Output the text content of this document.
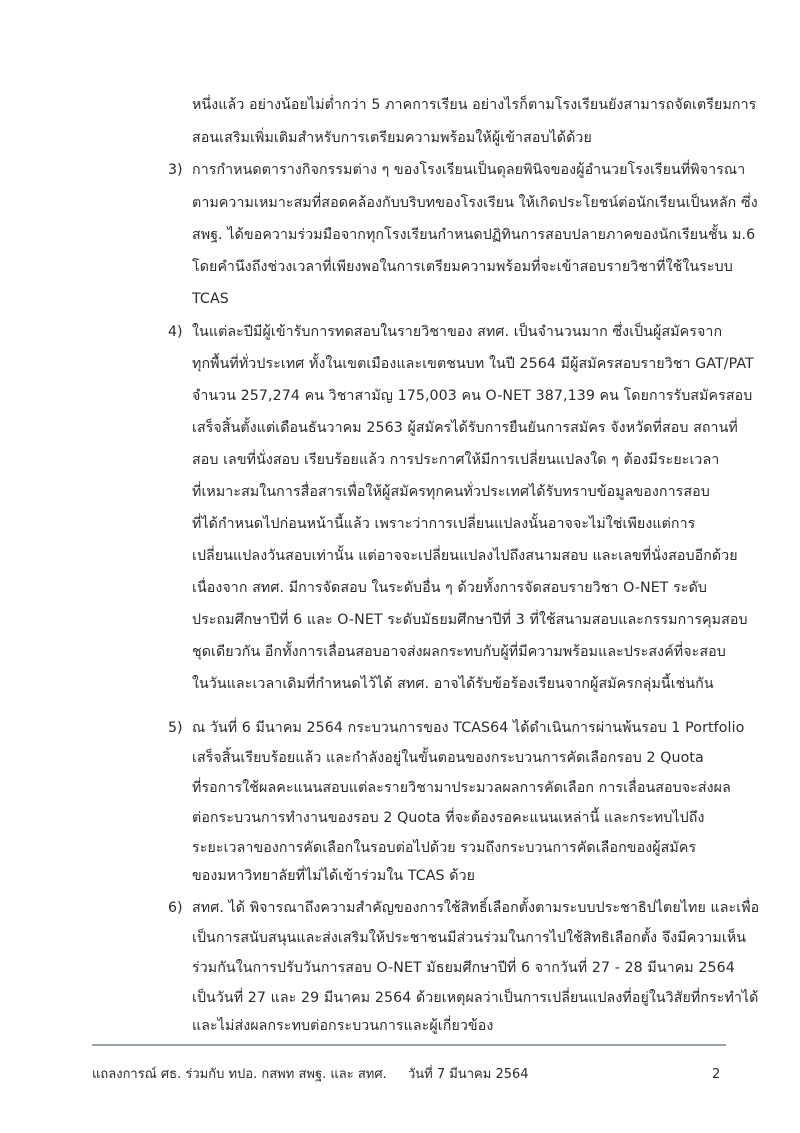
หนึ่งแล้ว อย่างน้อยไม่ต่ำกว่า 5 ภาคการเรียน อย่างไรก็ตามโรงเรียนยังสามารถจัดเตรียมการ
สอนเสริมเพิ่มเติมสำหรับการเตรียมความพร้อมให้ผู้เข้าสอบได้ด้วย
3) การกำหนดตารางกิจกรรมต่าง ๆ ของโรงเรียนเป็นดุลยพินิจของผู้อำนวยโรงเรียนที่พิจารณา
ตามความเหมาะสมที่สอดคล้องกับบริบทของโรงเรียน ให้เกิดประโยชน์ต่อนักเรียนเป็นหลัก ซึ่ง
สพฐ. ได้ขอความร่วมมือจากทุกโรงเรียนกำหนดปฏิทินการสอบปลายภาคของนักเรียนชั้น ม.6
โดยคำนึงถึงช่วงเวลาที่เพียงพอในการเตรียมความพร้อมที่จะเข้าสอบรายวิชาที่ใช้ในระบบ
TCAS
4) ในแต่ละปีมีผู้เข้ารับการทดสอบในรายวิชาของ สทศ. เป็นจำนวนมาก ซึ่งเป็นผู้สมัครจาก
ทุกพื้นที่ทั่วประเทศ ทั้งในเขตเมืองและเขตชนบท ในปี 2564 มีผู้สมัครสอบรายวิชา GAT/PAT
จำนวน 257,274 คน วิชาสามัญ 175,003 คน O-NET 387,139 คน โดยการรับสมัครสอบ
เสร็จสิ้นตั้งแต่เดือนธันวาคม 2563 ผู้สมัครได้รับการยืนยันการสมัคร จังหวัดที่สอบ สถานที่
สอบ เลขที่นั่งสอบ เรียบร้อยแล้ว การประกาศให้มีการเปลี่ยนแปลงใด ๆ ต้องมีระยะเวลา
ที่เหมาะสมในการสื่อสารเพื่อให้ผู้สมัครทุกคนทั่วประเทศได้รับทราบข้อมูลของการสอบ
ที่ได้กำหนดไปก่อนหน้านี้แล้ว เพราะว่าการเปลี่ยนแปลงนั้นอาจจะไม่ใช่เพียงแต่การ
เปลี่ยนแปลงวันสอบเท่านั้น แต่อาจจะเปลี่ยนแปลงไปถึงสนามสอบ และเลขที่นั่งสอบอีกด้วย
เนื่องจาก สทศ. มีการจัดสอบ ในระดับอื่น ๆ ด้วยทั้งการจัดสอบรายวิชา O-NET ระดับ
ประถมศึกษาปีที่ 6 และ O-NET ระดับมัธยมศึกษาปีที่ 3 ที่ใช้สนามสอบและกรรมการคุมสอบ
ชุดเดียวกัน อีกทั้งการเลื่อนสอบอาจส่งผลกระทบกับผู้ที่มีความพร้อมและประสงค์ที่จะสอบ
ในวันและเวลาเดิมที่กำหนดไว้ได้ สทศ. อาจได้รับข้อร้องเรียนจากผู้สมัครกลุ่มนี้เช่นกัน
5) ณ วันที่ 6 มีนาคม 2564 กระบวนการของ TCAS64 ได้ดำเนินการผ่านพ้นรอบ 1 Portfolio
เสร็จสิ้นเรียบร้อยแล้ว และกำลังอยู่ในขั้นตอนของกระบวนการคัดเลือกรอบ 2 Quota
ที่รอการใช้ผลคะแนนสอบแต่ละรายวิชามาประมวลผลการคัดเลือก การเลื่อนสอบจะส่งผล
ต่อกระบวนการทำงานของรอบ 2 Quota ที่จะต้องรอคะแนนเหล่านี้ และกระทบไปถึง
ระยะเวลาของการคัดเลือกในรอบต่อไปด้วย รวมถึงกระบวนการคัดเลือกของผู้สมัคร
ของมหาวิทยาลัยที่ไม่ได้เข้าร่วมใน TCAS ด้วย
6) สทศ. ได้ พิจารณาถึงความสำคัญของการใช้สิทธิ์เลือกตั้งตามระบบประชาธิปไตยไทย และเพื่อ
เป็นการสนับสนุนและส่งเสริมให้ประชาชนมีส่วนร่วมในการไปใช้สิทธิเลือกตั้ง จึงมีความเห็น
ร่วมกันในการปรับวันการสอบ O-NET มัธยมศึกษาปีที่ 6 จากวันที่ 27 - 28 มีนาคม 2564
เป็นวันที่ 27 และ 29 มีนาคม 2564 ด้วยเหตุผลว่าเป็นการเปลี่ยนแปลงที่อยู่ในวิสัยที่กระทำได้
และไม่ส่งผลกระทบต่อกระบวนการและผู้เกี่ยวข้อง
แถลงการณ์ ศธ. ร่วมกับ ทปอ. กสพท สพฐ. และ สทศ. วันที่ 7 มีนาคม 2564	2
